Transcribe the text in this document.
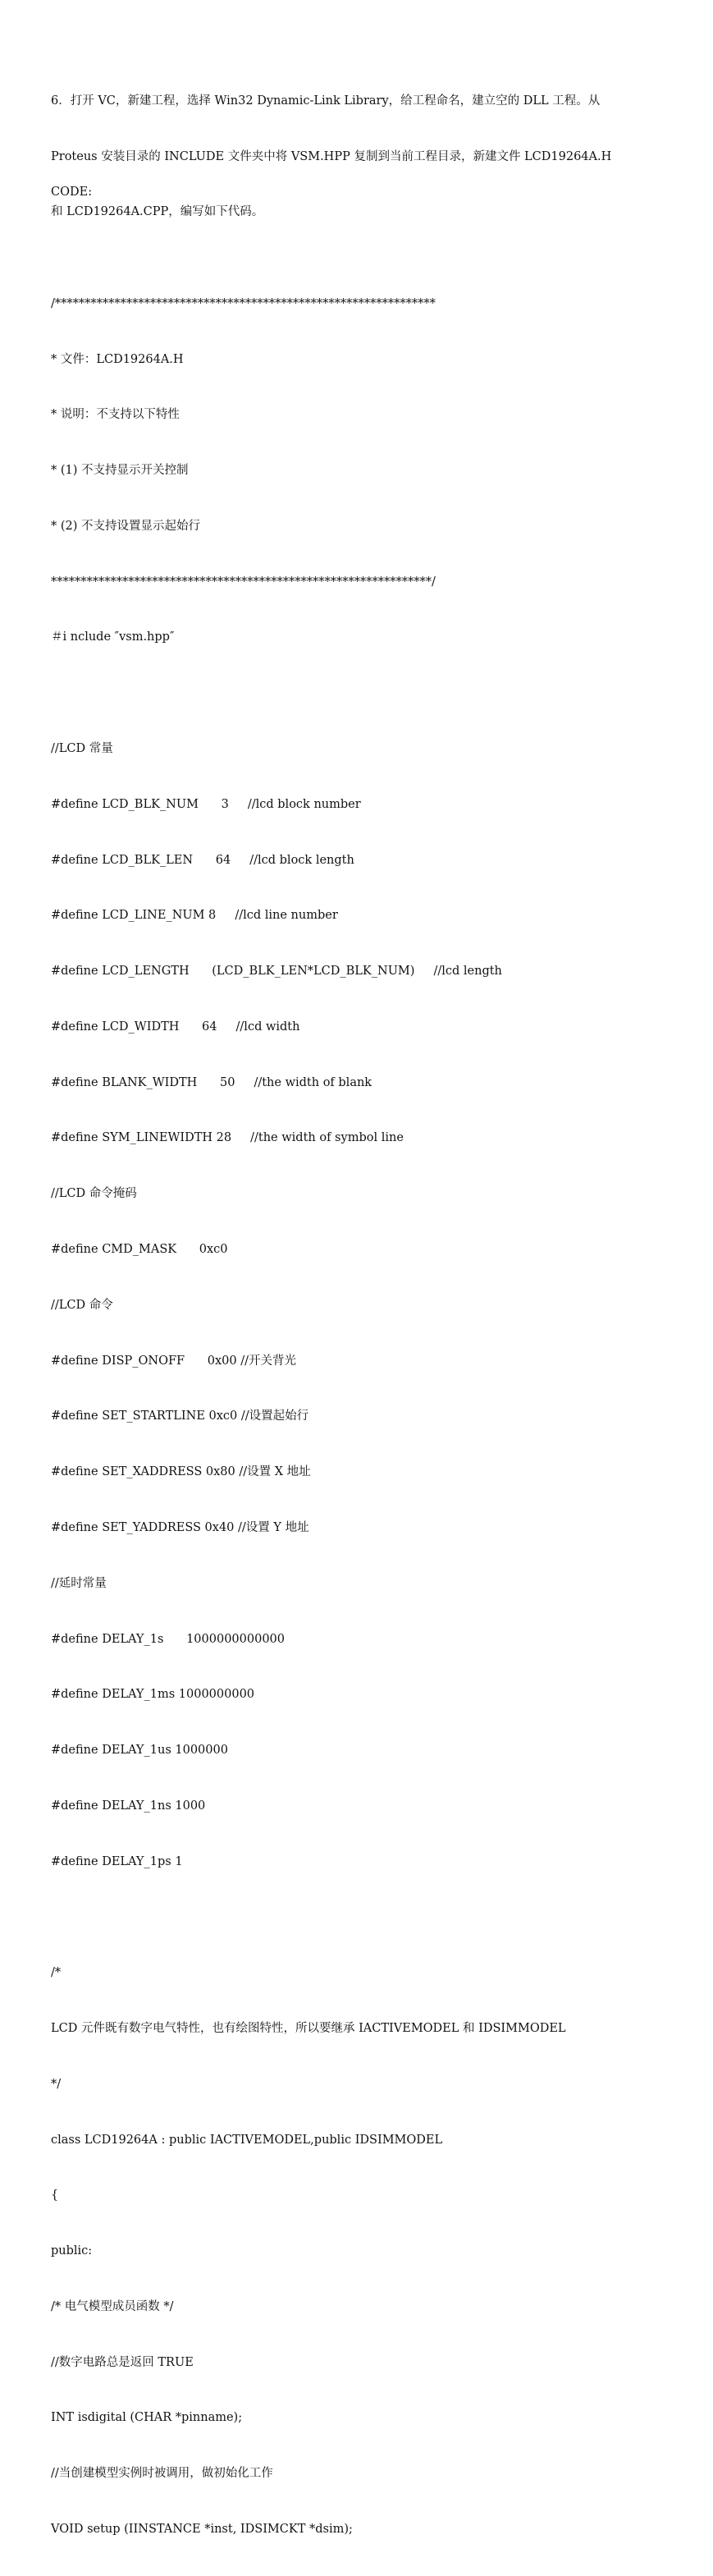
6．打开 VC，新建工程，选择 Win32 Dynamic-Link Library，给工程命名，建立空的 DLL 工程。从

Proteus 安装目录的 INCLUDE 文件夹中将 VSM.HPP 复制到当前工程目录，新建文件 LCD19264A.H

和 LCD19264A.CPP，编写如下代码。

CODE:

/****************************************************************

* 文件：LCD19264A.H

* 说明：不支持以下特性

* (1) 不支持显示开关控制

* (2) 不支持设置显示起始行

****************************************************************/

＃i nclude ″vsm.hpp″

//LCD 常量

#define LCD_BLK_NUM      3     //lcd block number

#define LCD_BLK_LEN      64     //lcd block length

#define LCD_LINE_NUM 8     //lcd line number

#define LCD_LENGTH      (LCD_BLK_LEN*LCD_BLK_NUM)     //lcd length

#define LCD_WIDTH      64     //lcd width

#define BLANK_WIDTH      50     //the width of blank

#define SYM_LINEWIDTH 28     //the width of symbol line

//LCD 命令掩码

#define CMD_MASK      0xc0

//LCD 命令

#define DISP_ONOFF      0x00 //开关背光

#define SET_STARTLINE 0xc0 //设置起始行

#define SET_XADDRESS 0x80 //设置 X 地址

#define SET_YADDRESS 0x40 //设置 Y 地址

//延时常量

#define DELAY_1s      1000000000000

#define DELAY_1ms 1000000000

#define DELAY_1us 1000000

#define DELAY_1ns 1000

#define DELAY_1ps 1

/*

LCD 元件既有数字电气特性，也有绘图特性，所以要继承 IACTIVEMODEL 和 IDSIMMODEL

*/

class LCD19264A : public IACTIVEMODEL,public IDSIMMODEL

{

public:

/* 电气模型成员函数 */

//数字电路总是返回 TRUE

INT isdigital (CHAR *pinname);

//当创建模型实例时被调用，做初始化工作

VOID setup (IINSTANCE *inst, IDSIMCKT *dsim);
